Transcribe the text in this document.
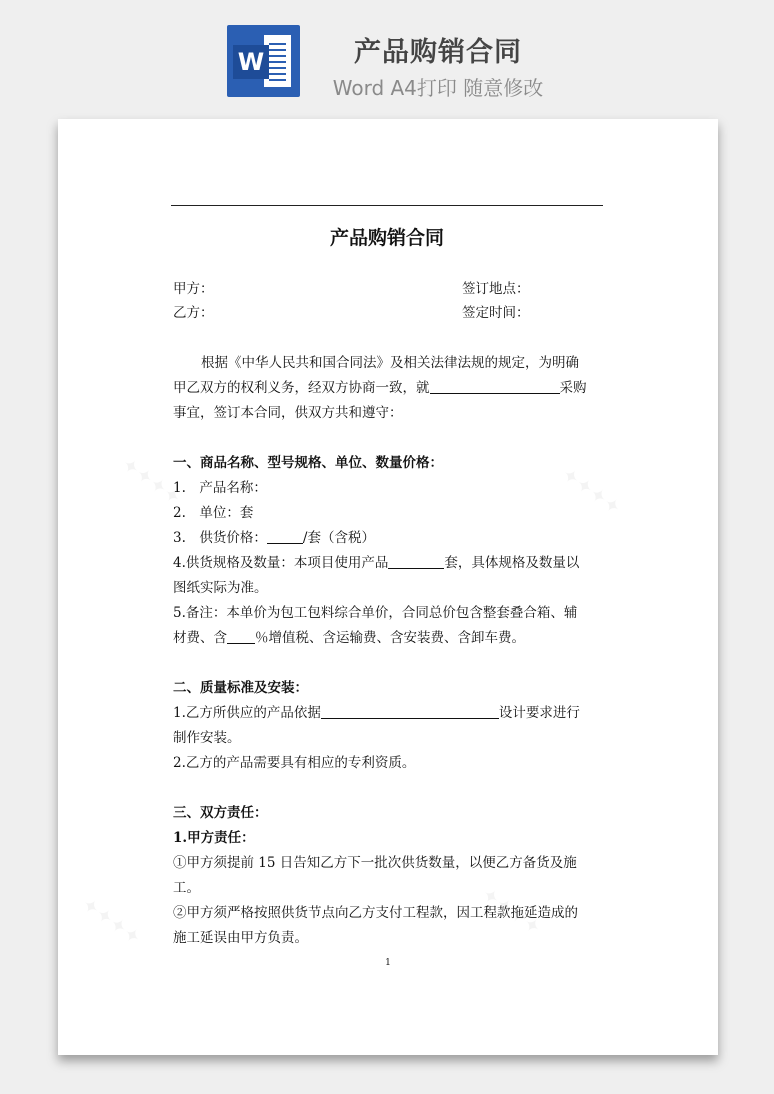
W	产品购销合同
Word A4打印 随意修改
产品购销合同
甲方：	签订地点：
乙方：	签定时间：
根据《中华人民共和国合同法》及相关法律法规的规定，为明确
甲乙双方的权利义务，经双方协商一致，就	采购
事宜，签订本合同，供双方共和遵守：
一、商品名称、型号规格、单位、数量价格：
1.　产品名称：
2.　单位：套
3.　供货价格：	/套（含税）
4.供货规格及数量：本项目使用产品	套，具体规格及数量以
图纸实际为准。
5.备注：本单价为包工包料综合单价，合同总价包含整套叠合箱、辅
材费、含 ％增值税、含运输费、含安装费、含卸车费。
二、质量标准及安装：
1.乙方所供应的产品依据	设计要求进行
制作安装。
2.乙方的产品需要具有相应的专利资质。
三、双方责任：
1.甲方责任：
①甲方须提前 15 日告知乙方下一批次供货数量，以便乙方备货及施
工。
②甲方须严格按照供货节点向乙方支付工程款，因工程款拖延造成的
施工延误由甲方负责。
1
